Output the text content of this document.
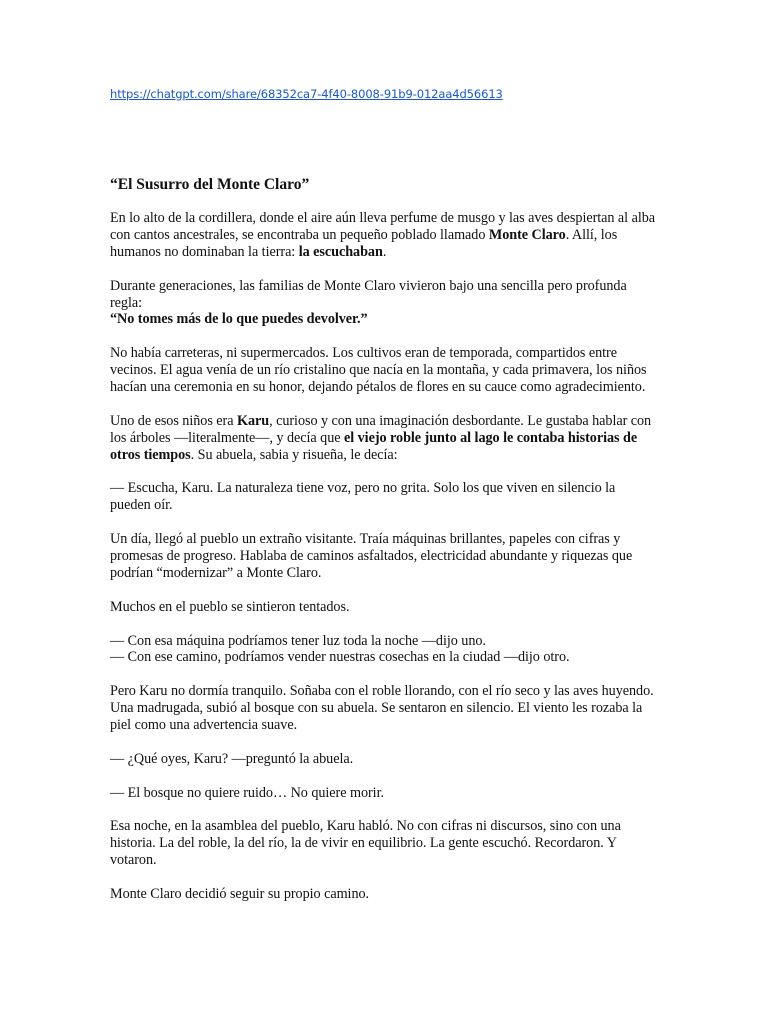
https://chatgpt.com/share/68352ca7-4f40-8008-91b9-012aa4d56613
“El Susurro del Monte Claro”

En lo alto de la cordillera, donde el aire aún lleva perfume de musgo y las aves despiertan al alba con cantos ancestrales, se encontraba un pequeño poblado llamado Monte Claro. Allí, los humanos no dominaban la tierra: la escuchaban.

Durante generaciones, las familias de Monte Claro vivieron bajo una sencilla pero profunda regla:
“No tomes más de lo que puedes devolver.”

No había carreteras, ni supermercados. Los cultivos eran de temporada, compartidos entre vecinos. El agua venía de un río cristalino que nacía en la montaña, y cada primavera, los niños hacían una ceremonia en su honor, dejando pétalos de flores en su cauce como agradecimiento.

Uno de esos niños era Karu, curioso y con una imaginación desbordante. Le gustaba hablar con los árboles —literalmente—, y decía que el viejo roble junto al lago le contaba historias de otros tiempos. Su abuela, sabia y risueña, le decía:

— Escucha, Karu. La naturaleza tiene voz, pero no grita. Solo los que viven en silencio la pueden oír.

Un día, llegó al pueblo un extraño visitante. Traía máquinas brillantes, papeles con cifras y promesas de progreso. Hablaba de caminos asfaltados, electricidad abundante y riquezas que podrían “modernizar” a Monte Claro.

Muchos en el pueblo se sintieron tentados.

— Con esa máquina podríamos tener luz toda la noche —dijo uno.

— Con ese camino, podríamos vender nuestras cosechas en la ciudad —dijo otro.

Pero Karu no dormía tranquilo. Soñaba con el roble llorando, con el río seco y las aves huyendo. Una madrugada, subió al bosque con su abuela. Se sentaron en silencio. El viento les rozaba la piel como una advertencia suave.

— ¿Qué oyes, Karu? —preguntó la abuela.

— El bosque no quiere ruido… No quiere morir.

Esa noche, en la asamblea del pueblo, Karu habló. No con cifras ni discursos, sino con una historia. La del roble, la del río, la de vivir en equilibrio. La gente escuchó. Recordaron. Y votaron.

Monte Claro decidió seguir su propio camino.
